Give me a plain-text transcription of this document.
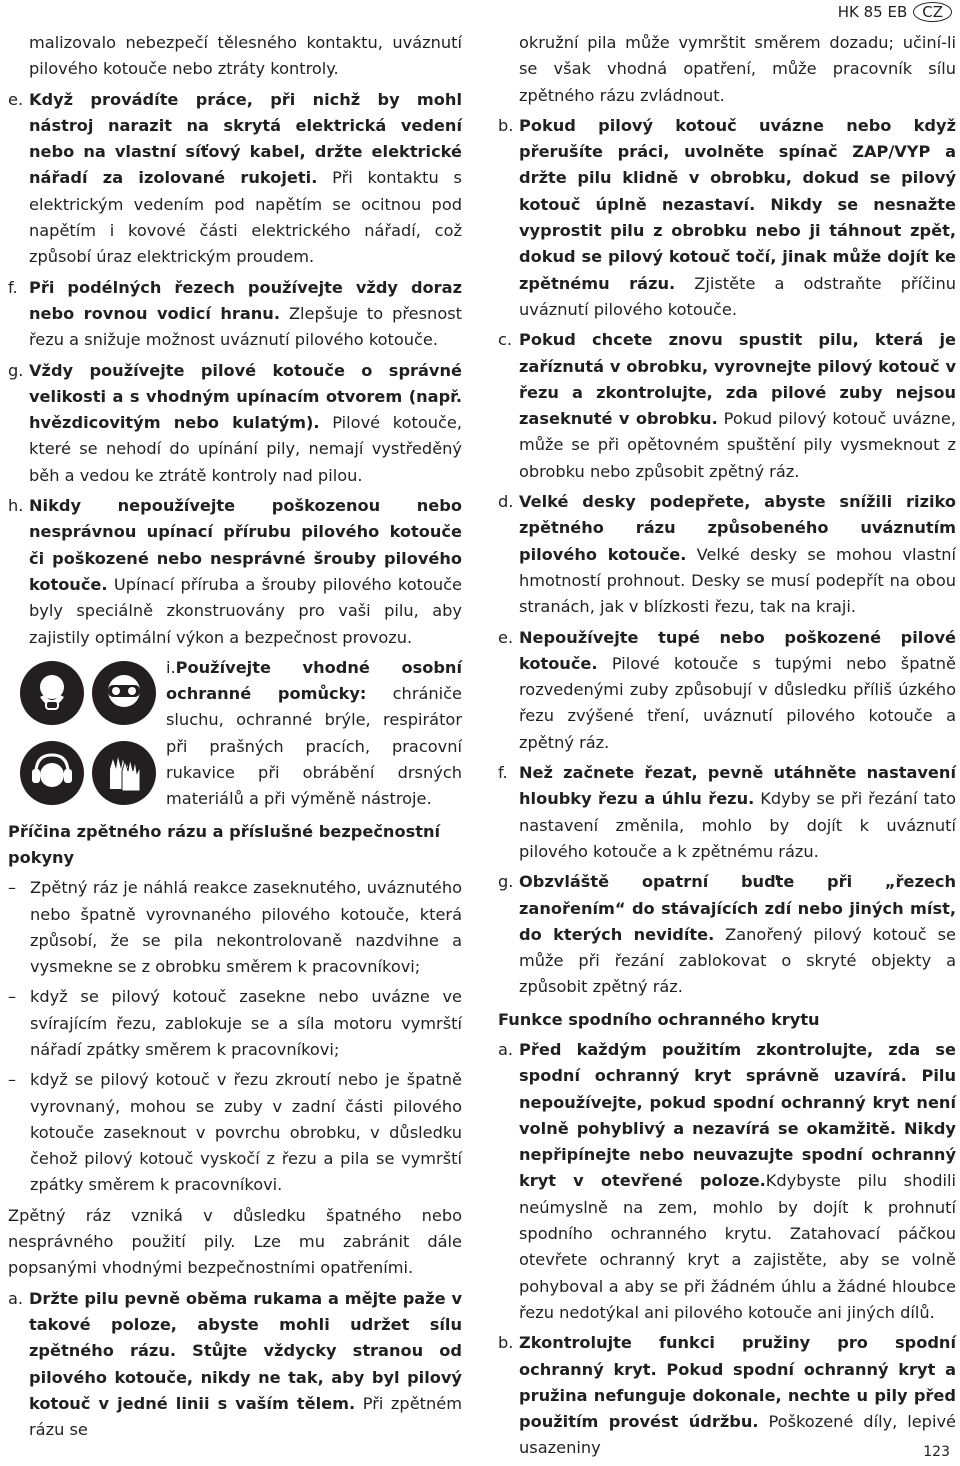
HK 85 EB	CZ

malizovalo nebezpečí tělesného kontaktu, uváznutí pilového kotouče nebo ztráty kontroly.

e. Když provádíte práce, při nichž by mohl nástroj narazit na skrytá elektrická vedení nebo na vlastní síťový kabel, držte elektrické nářadí za izolované rukojeti. Při kontaktu s elektrickým vedením pod napětím se ocitnou pod napětím i kovové části elektrického nářadí, což způsobí úraz elektrickým proudem.
f. Při podélných řezech používejte vždy doraz nebo rovnou vodicí hranu. Zlepšuje to přesnost řezu a snižuje možnost uváznutí pilového kotouče.
g. Vždy používejte pilové kotouče o správné velikosti a s vhodným upínacím otvorem (např. hvězdicovitým nebo kulatým). Pilové kotouče, které se nehodí do upínání pily, nemají vystředěný běh a vedou ke ztrátě kontroly nad pilou.
h. Nikdy nepoužívejte poškozenou nebo nesprávnou upínací přírubu pilového kotouče či poškozené nebo nesprávné šrouby pilového kotouče. Upínací příruba a šrouby pilového kotouče byly speciálně zkonstruovány pro vaši pilu, aby zajistily optimální výkon a bezpečnost provozu.
i.Používejte vhodné osobní ochranné pomůcky: chrániče sluchu, ochranné brýle, respirátor při prašných pracích, pracovní rukavice při obrábění drsných materiálů a při výměně nástroje.

Příčina zpětného rázu a příslušné bezpečnostní pokyny

– Zpětný ráz je náhlá reakce zaseknutého, uváznutého nebo špatně vyrovnaného pilového kotouče, která způsobí, že se pila nekontrolovaně nazdvihne a vysmekne se z obrobku směrem k pracovníkovi;
– když se pilový kotouč zasekne nebo uvázne ve svírajícím řezu, zablokuje se a síla motoru vymrští nářadí zpátky směrem k pracovníkovi;
– když se pilový kotouč v řezu zkroutí nebo je špatně vyrovnaný, mohou se zuby v zadní části pilového kotouče zaseknout v povrchu obrobku, v důsledku čehož pilový kotouč vyskočí z řezu a pila se vymrští zpátky směrem k pracovníkovi.

Zpětný ráz vzniká v důsledku špatného nebo nesprávného použití pily. Lze mu zabránit dále popsanými vhodnými bezpečnostními opatřeními.

a. Držte pilu pevně oběma rukama a mějte paže v takové poloze, abyste mohli udržet sílu zpětného rázu. Stůjte vždycky stranou od pilového kotouče, nikdy ne tak, aby byl pilový kotouč v jedné linii s vaším tělem. Při zpětném rázu se

okružní pila může vymrštit směrem dozadu; učiní-li se však vhodná opatření, může pracovník sílu zpětného rázu zvládnout.

b. Pokud pilový kotouč uvázne nebo když přerušíte práci, uvolněte spínač ZAP/VYP a držte pilu klidně v obrobku, dokud se pilový kotouč úplně nezastaví. Nikdy se nesnažte vyprostit pilu z obrobku nebo ji táhnout zpět, dokud se pilový kotouč točí, jinak může dojít ke zpětnému rázu. Zjistěte a odstraňte příčinu uváznutí pilového kotouče.
c. Pokud chcete znovu spustit pilu, která je zaříznutá v obrobku, vyrovnejte pilový kotouč v řezu a zkontrolujte, zda pilové zuby nejsou zaseknuté v obrobku. Pokud pilový kotouč uvázne, může se při opětovném spuštění pily vysmeknout z obrobku nebo způsobit zpětný ráz.
d. Velké desky podepřete, abyste snížili riziko zpětného rázu způsobeného uváznutím pilového kotouče. Velké desky se mohou vlastní hmotností prohnout. Desky se musí podepřít na obou stranách, jak v blízkosti řezu, tak na kraji.
e. Nepoužívejte tupé nebo poškozené pilové kotouče. Pilové kotouče s tupými nebo špatně rozvedenými zuby způsobují v důsledku příliš úzkého řezu zvýšené tření, uváznutí pilového kotouče a zpětný ráz.
f. Než začnete řezat, pevně utáhněte nastavení hloubky řezu a úhlu řezu. Kdyby se při řezání tato nastavení změnila, mohlo by dojít k uváznutí pilového kotouče a k zpětnému rázu.
g. Obzvláště opatrní buďte při „řezech zanořením“ do stávajících zdí nebo jiných míst, do kterých nevidíte. Zanořený pilový kotouč se může při řezání zablokovat o skryté objekty a způsobit zpětný ráz.

Funkce spodního ochranného krytu

a. Před každým použitím zkontrolujte, zda se spodní ochranný kryt správně uzavírá. Pilu nepoužívejte, pokud spodní ochranný kryt není volně pohyblivý a nezavírá se okamžitě. Nikdy nepřipínejte nebo neuvazujte spodní ochranný kryt v otevřené poloze.Kdybyste pilu shodili neúmyslně na zem, mohlo by dojít k prohnutí spodního ochranného krytu. Zatahovací páčkou otevřete ochranný kryt a zajistěte, aby se volně pohyboval a aby se při žádném úhlu a žádné hloubce řezu nedotýkal ani pilového kotouče ani jiných dílů.
b. Zkontrolujte funkci pružiny pro spodní ochranný kryt. Pokud spodní ochranný kryt a pružina nefunguje dokonale, nechte u pily před použitím provést údržbu. Poškozené díly, lepivé usazeniny	123
